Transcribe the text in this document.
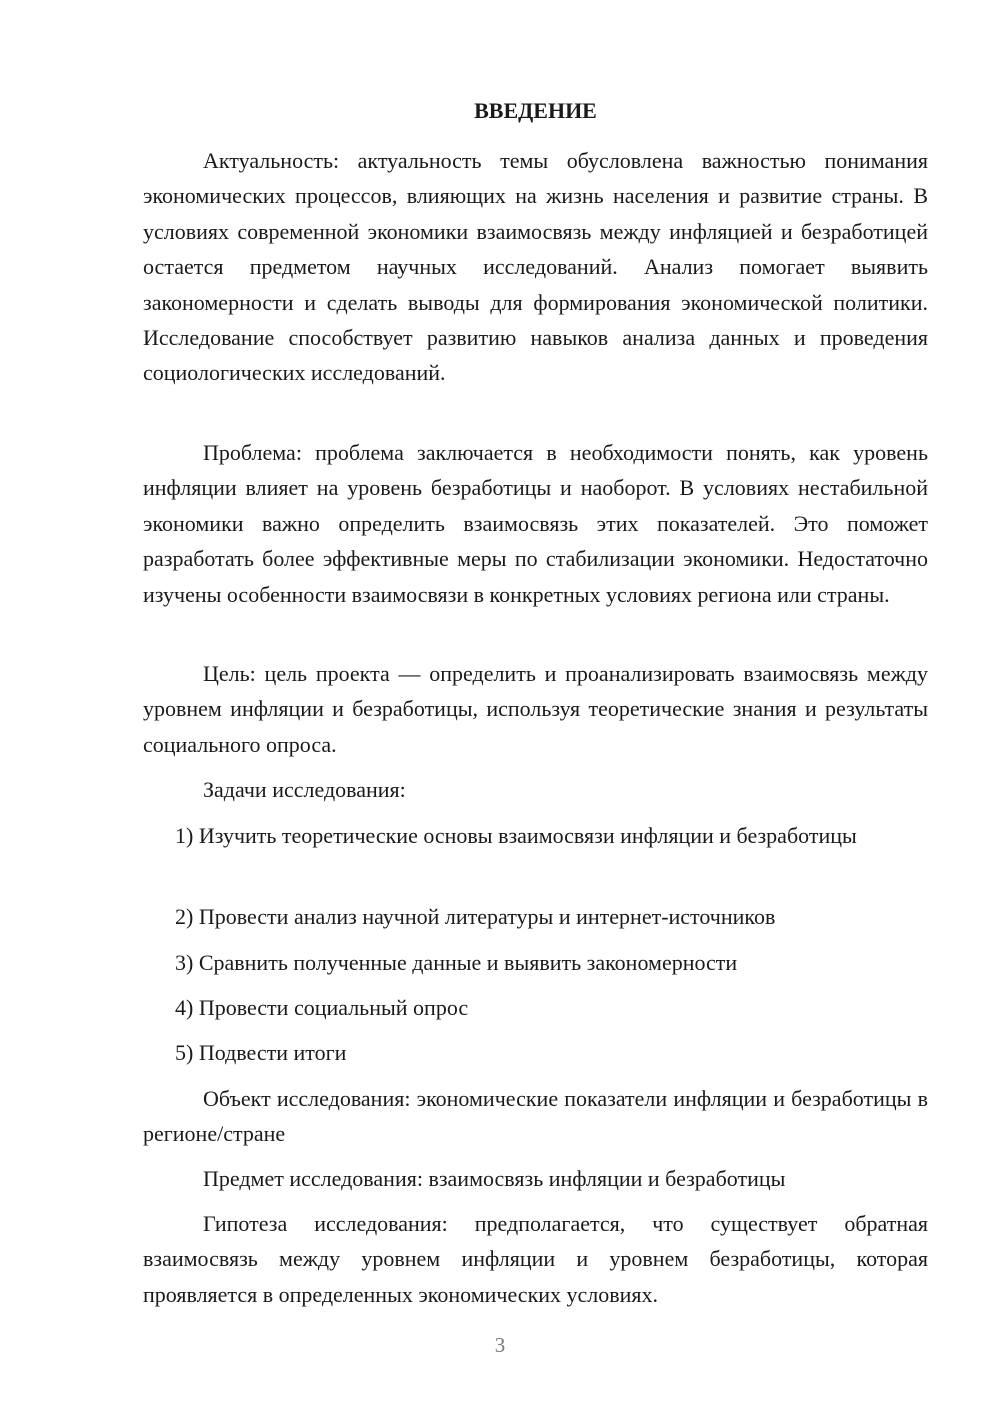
ВВЕДЕНИЕ

Актуальность: актуальность темы обусловлена важностью понимания экономических процессов, влияющих на жизнь населения и развитие страны. В условиях современной экономики взаимосвязь между инфляцией и безработицей остается предметом научных исследований. Анализ помогает выявить закономерности и сделать выводы для формирования экономической политики. Исследование способствует развитию навыков анализа данных и проведения социологических исследований.

Проблема: проблема заключается в необходимости понять, как уровень инфляции влияет на уровень безработицы и наоборот. В условиях нестабильной экономики важно определить взаимосвязь этих показателей. Это поможет разработать более эффективные меры по стабилизации экономики. Недостаточно изучены особенности взаимосвязи в конкретных условиях региона или страны.

Цель: цель проекта — определить и проанализировать взаимосвязь между уровнем инфляции и безработицы, используя теоретические знания и результаты социального опроса.

Задачи исследования:

1) Изучить теоретические основы взаимосвязи инфляции и безработицы

2) Провести анализ научной литературы и интернет-источников

3) Сравнить полученные данные и выявить закономерности

4) Провести социальный опрос

5) Подвести итоги

Объект исследования: экономические показатели инфляции и безработицы в регионе/стране

Предмет исследования: взаимосвязь инфляции и безработицы

Гипотеза исследования: предполагается, что существует обратная взаимосвязь между уровнем инфляции и уровнем безработицы, которая проявляется в определенных экономических условиях.

3
